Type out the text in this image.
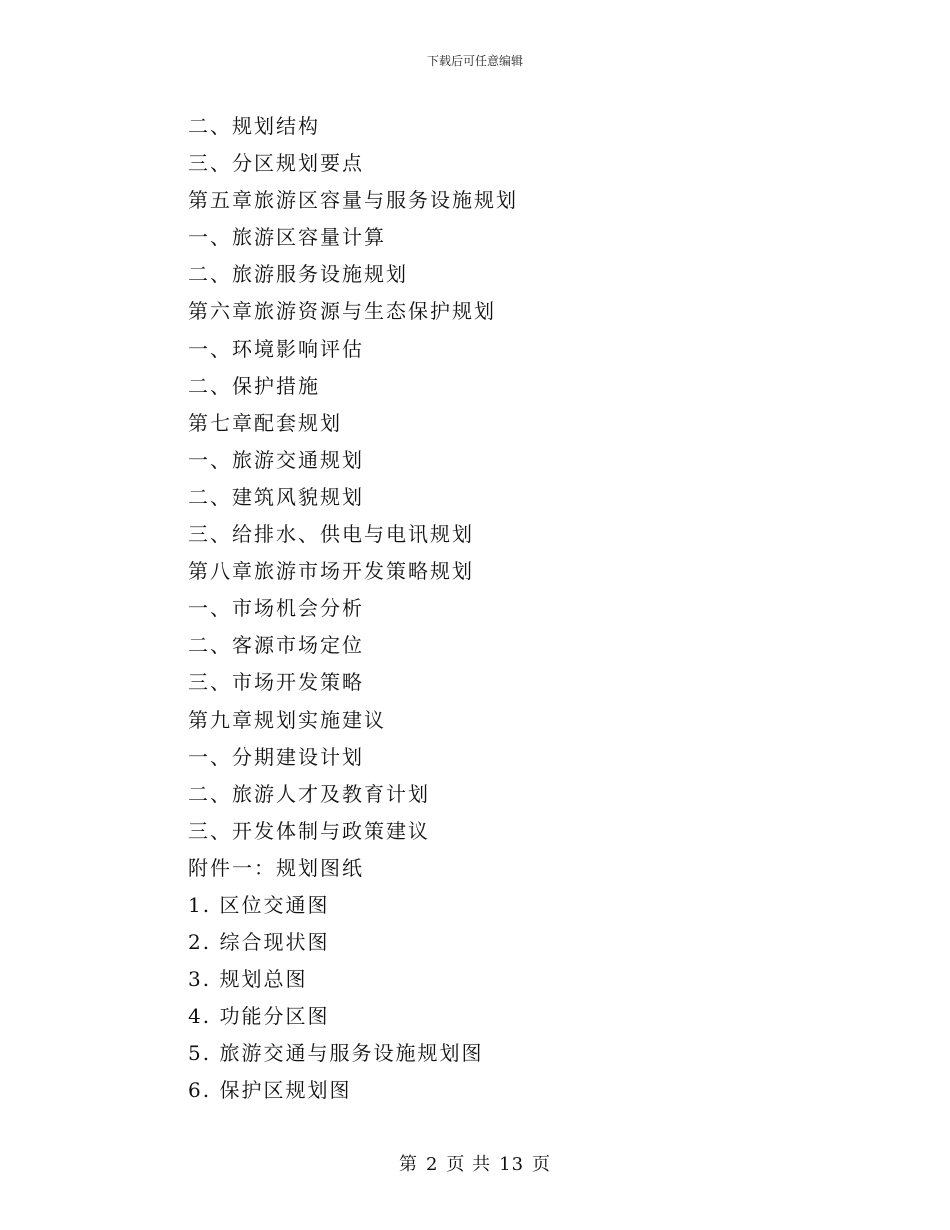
下载后可任意编辑
二、规划结构
三、分区规划要点
第五章旅游区容量与服务设施规划
一、旅游区容量计算
二、旅游服务设施规划
第六章旅游资源与生态保护规划
一、环境影响评估
二、保护措施
第七章配套规划
一、旅游交通规划
二、建筑风貌规划
三、给排水、供电与电讯规划
第八章旅游市场开发策略规划
一、市场机会分析
二、客源市场定位
三、市场开发策略
第九章规划实施建议
一、分期建设计划
二、旅游人才及教育计划
三、开发体制与政策建议
附件一：规划图纸
1. 区位交通图
2. 综合现状图
3. 规划总图
4. 功能分区图
5. 旅游交通与服务设施规划图
6. 保护区规划图
第 2 页 共 13 页
